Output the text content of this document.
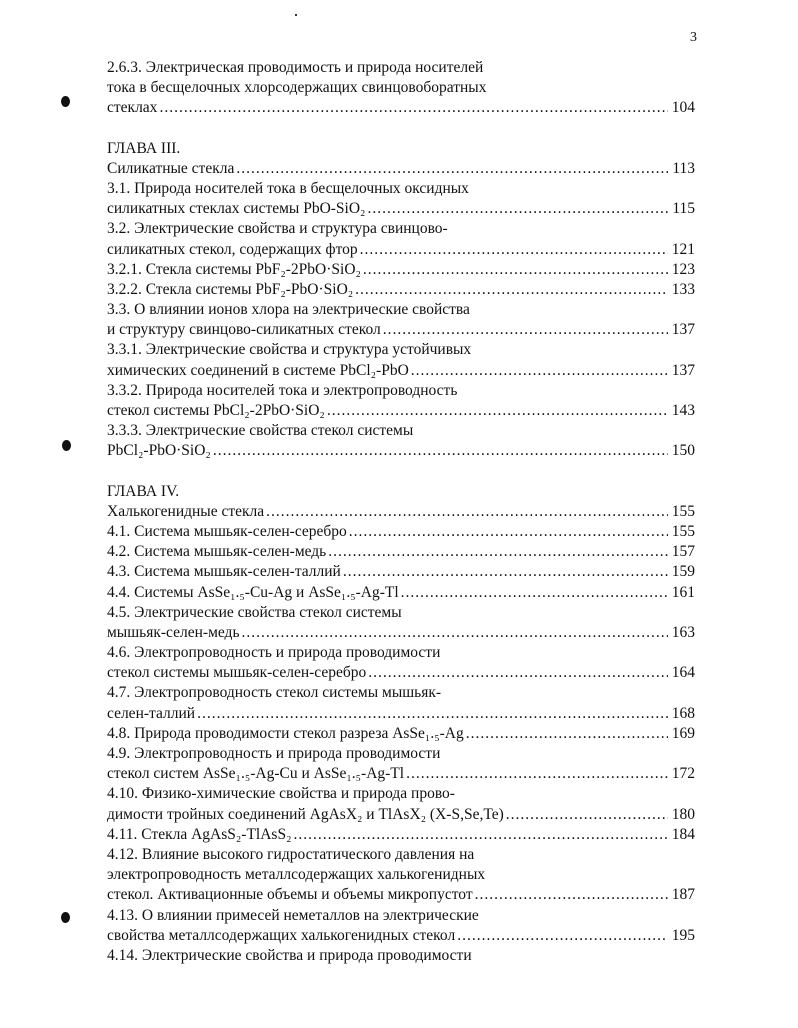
3
2.6.3. Электрическая проводимость и природа носителей
тока в бесщелочных хлорсодержащих свинцовоборатных
стеклах .....	104
ГЛАВА III.
Силикатные стекла .....	113
3.1. Природа носителей тока в бесщелочных оксидных
силикатных стеклах системы PbO-SiO₂ .....	115
3.2. Электрические свойства и структура свинцово-
силикатных стекол, содержащих фтор .....	121
3.2.1. Стекла системы PbF₂-2PbO·SiO₂ .....	123
3.2.2. Стекла системы PbF₂-PbO·SiO₂ .....	133
3.3. О влиянии ионов хлора на электрические свойства
и структуру свинцово-силикатных стекол .....	137
3.3.1. Электрические свойства и структура устойчивых
химических соединений в системе PbCl₂-PbO .....	137
3.3.2. Природа носителей тока и электропроводность
стекол системы PbCl₂-2PbO·SiO₂ .....	143
3.3.3. Электрические свойства стекол системы
PbCl₂-PbO·SiO₂ .....	150
ГЛАВА IV.
Халькогенидные стекла .....	155
4.1. Система мышьяк-селен-серебро .....	155
4.2. Система мышьяк-селен-медь .....	157
4.3. Система мышьяк-селен-таллий .....	159
4.4. Системы AsSe₁.₅-Cu-Ag и AsSe₁.₅-Ag-Tl .....	161
4.5. Электрические свойства стекол системы
мышьяк-селен-медь .....	163
4.6. Электропроводность и природа проводимости
стекол системы мышьяк-селен-серебро .....	164
4.7. Электропроводность стекол системы мышьяк-
селен-таллий .....	168
4.8. Природа проводимости стекол разреза AsSe₁.₅-Ag .....	169
4.9. Электропроводность и природа проводимости
стекол систем AsSe₁.₅-Ag-Cu и AsSe₁.₅-Ag-Tl .....	172
4.10. Физико-химические свойства и природа прово-
димости тройных соединений AgAsX₂ и TlAsX₂ (X-S,Se,Te) .....	180
4.11. Стекла AgAsS₂-TlAsS₂ .....	184
4.12. Влияние высокого гидростатического давления на
электропроводность металлсодержащих халькогенидных
стекол. Активационные объемы и объемы микропустот .....	187
4.13. О влиянии примесей неметаллов на электрические
свойства металлсодержащих халькогенидных стекол .....	195
4.14. Электрические свойства и природа проводимости
